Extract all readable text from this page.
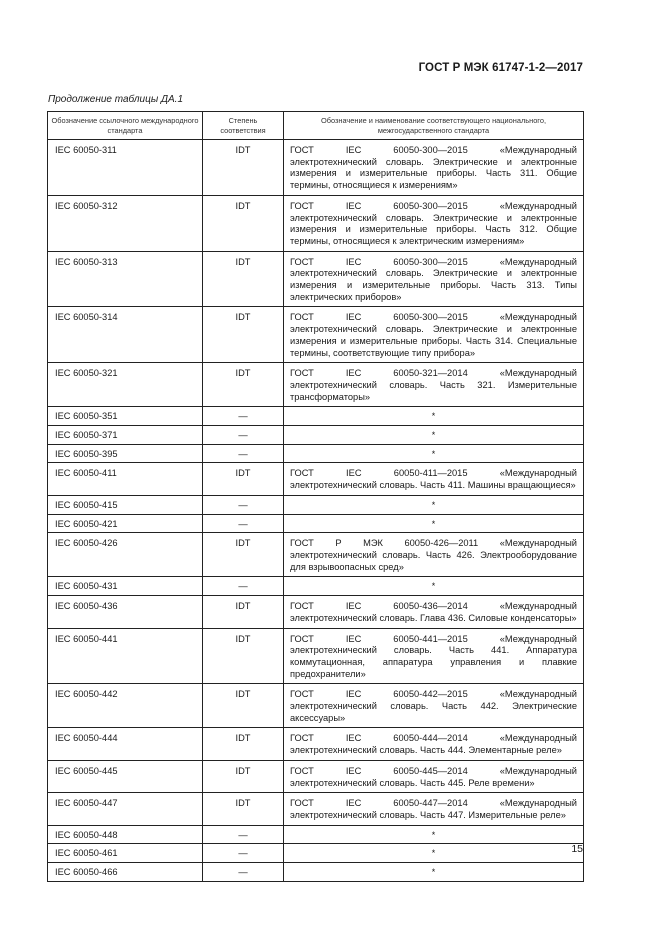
ГОСТ Р МЭК 61747-1-2—2017
Продолжение таблицы ДА.1
Обозначение ссылочного международного стандарта	Степень соответствия	Обозначение и наименование соответствующего национального, межгосударственного стандарта
IEC 60050-311	IDT	ГОСТ IEC 60050-300—2015 «Международный электротехнический словарь. Электрические и электронные измерения и измерительные приборы. Часть 311. Общие термины, относящиеся к измерениям»
IEC 60050-312	IDT	ГОСТ IEC 60050-300—2015 «Международный электротехнический словарь. Электрические и электронные измерения и измерительные приборы. Часть 312. Общие термины, относящиеся к электрическим измерениям»
IEC 60050-313	IDT	ГОСТ IEC 60050-300—2015 «Международный электротехнический словарь. Электрические и электронные измерения и измерительные приборы. Часть 313. Типы электрических приборов»
IEC 60050-314	IDT	ГОСТ IEC 60050-300—2015 «Международный электротехнический словарь. Электрические и электронные измерения и измерительные приборы. Часть 314. Специальные термины, соответствующие типу прибора»
IEC 60050-321	IDT	ГОСТ IEC 60050-321—2014 «Международный электротехнический словарь. Часть 321. Измерительные трансформаторы»
IEC 60050-351	—	*
IEC 60050-371	—	*
IEC 60050-395	—	*
IEC 60050-411	IDT	ГОСТ IEC 60050-411—2015 «Международный электротехнический словарь. Часть 411. Машины вращающиеся»
IEC 60050-415	—	*
IEC 60050-421	—	*
IEC 60050-426	IDT	ГОСТ Р МЭК 60050-426—2011 «Международный электротехнический словарь. Часть 426. Электрооборудование для взрывоопасных сред»
IEC 60050-431	—	*
IEC 60050-436	IDT	ГОСТ IEC 60050-436—2014 «Международный электротехнический словарь. Глава 436. Силовые конденсаторы»
IEC 60050-441	IDT	ГОСТ IEC 60050-441—2015 «Международный электротехнический словарь. Часть 441. Аппаратура коммутационная, аппаратура управления и плавкие предохранители»
IEC 60050-442	IDT	ГОСТ IEC 60050-442—2015 «Международный электротехнический словарь. Часть 442. Электрические аксессуары»
IEC 60050-444	IDT	ГОСТ IEC 60050-444—2014 «Международный электротехнический словарь. Часть 444. Элементарные реле»
IEC 60050-445	IDT	ГОСТ IEC 60050-445—2014 «Международный электротехнический словарь. Часть 445. Реле времени»
IEC 60050-447	IDT	ГОСТ IEC 60050-447—2014 «Международный электротехнический словарь. Часть 447. Измерительные реле»
IEC 60050-448	—	*
IEC 60050-461	—	*
IEC 60050-466	—	*
15
